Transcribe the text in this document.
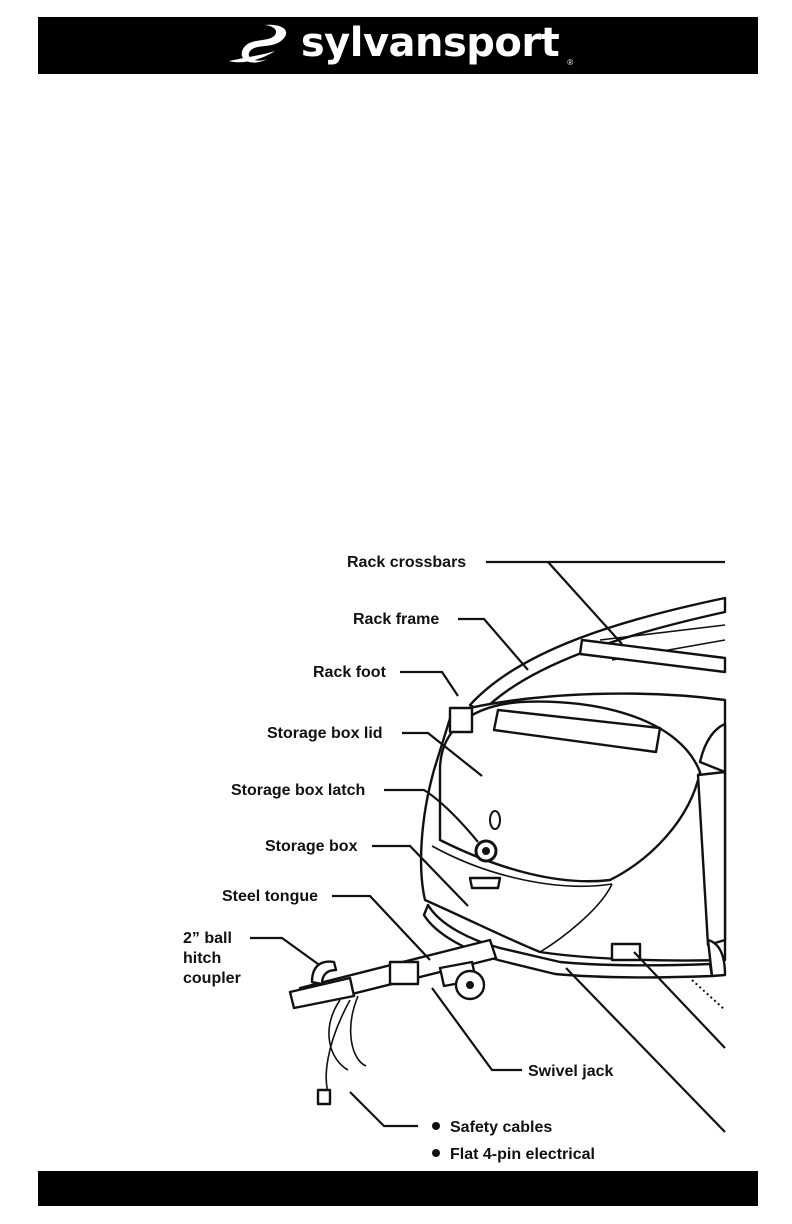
sylvansport ®
Rack crossbars
Rack frame
Rack foot
Storage box lid
Storage box latch
Storage box
Steel tongue
2” ball
hitch
coupler
Swivel jack
Safety cables
Flat 4-pin electrical
